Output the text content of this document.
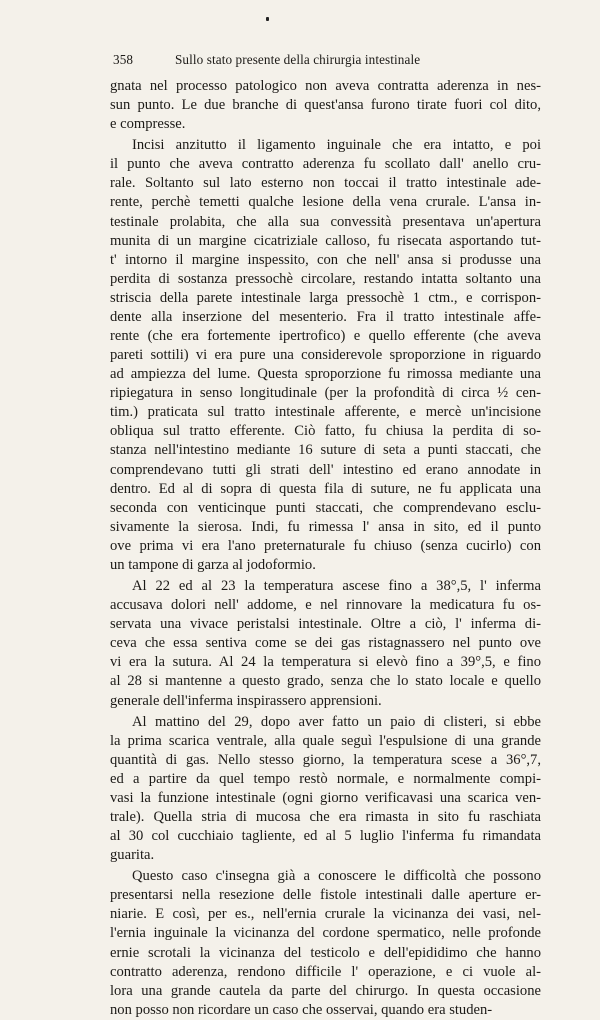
358	Sullo stato presente della chirurgia intestinale
gnata nel processo patologico non aveva contratta aderenza in nes-
sun punto. Le due branche di quest'ansa furono tirate fuori col dito,
e compresse.
Incisi anzitutto il ligamento inguinale che era intatto, e poi
il punto che aveva contratto aderenza fu scollato dall' anello cru-
rale. Soltanto sul lato esterno non toccai il tratto intestinale ade-
rente, perchè temetti qualche lesione della vena crurale. L'ansa in-
testinale prolabita, che alla sua convessità presentava un'apertura
munita di un margine cicatriziale calloso, fu risecata asportando tut-
t' intorno il margine inspessito, con che nell' ansa si produsse una
perdita di sostanza pressochè circolare, restando intatta soltanto una
striscia della parete intestinale larga pressochè 1 ctm., e corrispon-
dente alla inserzione del mesenterio. Fra il tratto intestinale affe-
rente (che era fortemente ipertrofico) e quello efferente (che aveva
pareti sottili) vi era pure una considerevole sproporzione in riguardo
ad ampiezza del lume. Questa sproporzione fu rimossa mediante una
ripiegatura in senso longitudinale (per la profondità di circa ½ cen-
tim.) praticata sul tratto intestinale afferente, e mercè un'incisione
obliqua sul tratto efferente. Ciò fatto, fu chiusa la perdita di so-
stanza nell'intestino mediante 16 suture di seta a punti staccati, che
comprendevano tutti gli strati dell' intestino ed erano annodate in
dentro. Ed al di sopra di questa fila di suture, ne fu applicata una
seconda con venticinque punti staccati, che comprendevano esclu-
sivamente la sierosa. Indi, fu rimessa l' ansa in sito, ed il punto
ove prima vi era l'ano preternaturale fu chiuso (senza cucirlo) con
un tampone di garza al jodoformio.
Al 22 ed al 23 la temperatura ascese fino a 38°,5, l' inferma
accusava dolori nell' addome, e nel rinnovare la medicatura fu os-
servata una vivace peristalsi intestinale. Oltre a ciò, l' inferma di-
ceva che essa sentiva come se dei gas ristagnassero nel punto ove
vi era la sutura. Al 24 la temperatura si elevò fino a 39°,5, e fino
al 28 si mantenne a questo grado, senza che lo stato locale e quello
generale dell'inferma inspirassero apprensioni.
Al mattino del 29, dopo aver fatto un paio di clisteri, si ebbe
la prima scarica ventrale, alla quale seguì l'espulsione di una grande
quantità di gas. Nello stesso giorno, la temperatura scese a 36°,7,
ed a partire da quel tempo restò normale, e normalmente compi-
vasi la funzione intestinale (ogni giorno verificavasi una scarica ven-
trale). Quella stria di mucosa che era rimasta in sito fu raschiata
al 30 col cucchiaio tagliente, ed al 5 luglio l'inferma fu rimandata
guarita.
Questo caso c'insegna già a conoscere le difficoltà che possono
presentarsi nella resezione delle fistole intestinali dalle aperture er-
niarie. E così, per es., nell'ernia crurale la vicinanza dei vasi, nel-
l'ernia inguinale la vicinanza del cordone spermatico, nelle profonde
ernie scrotali la vicinanza del testicolo e dell'epididimo che hanno
contratto aderenza, rendono difficile l' operazione, e ci vuole al-
lora una grande cautela da parte del chirurgo. In questa occasione
non posso non ricordare un caso che osservai, quando era studen-
